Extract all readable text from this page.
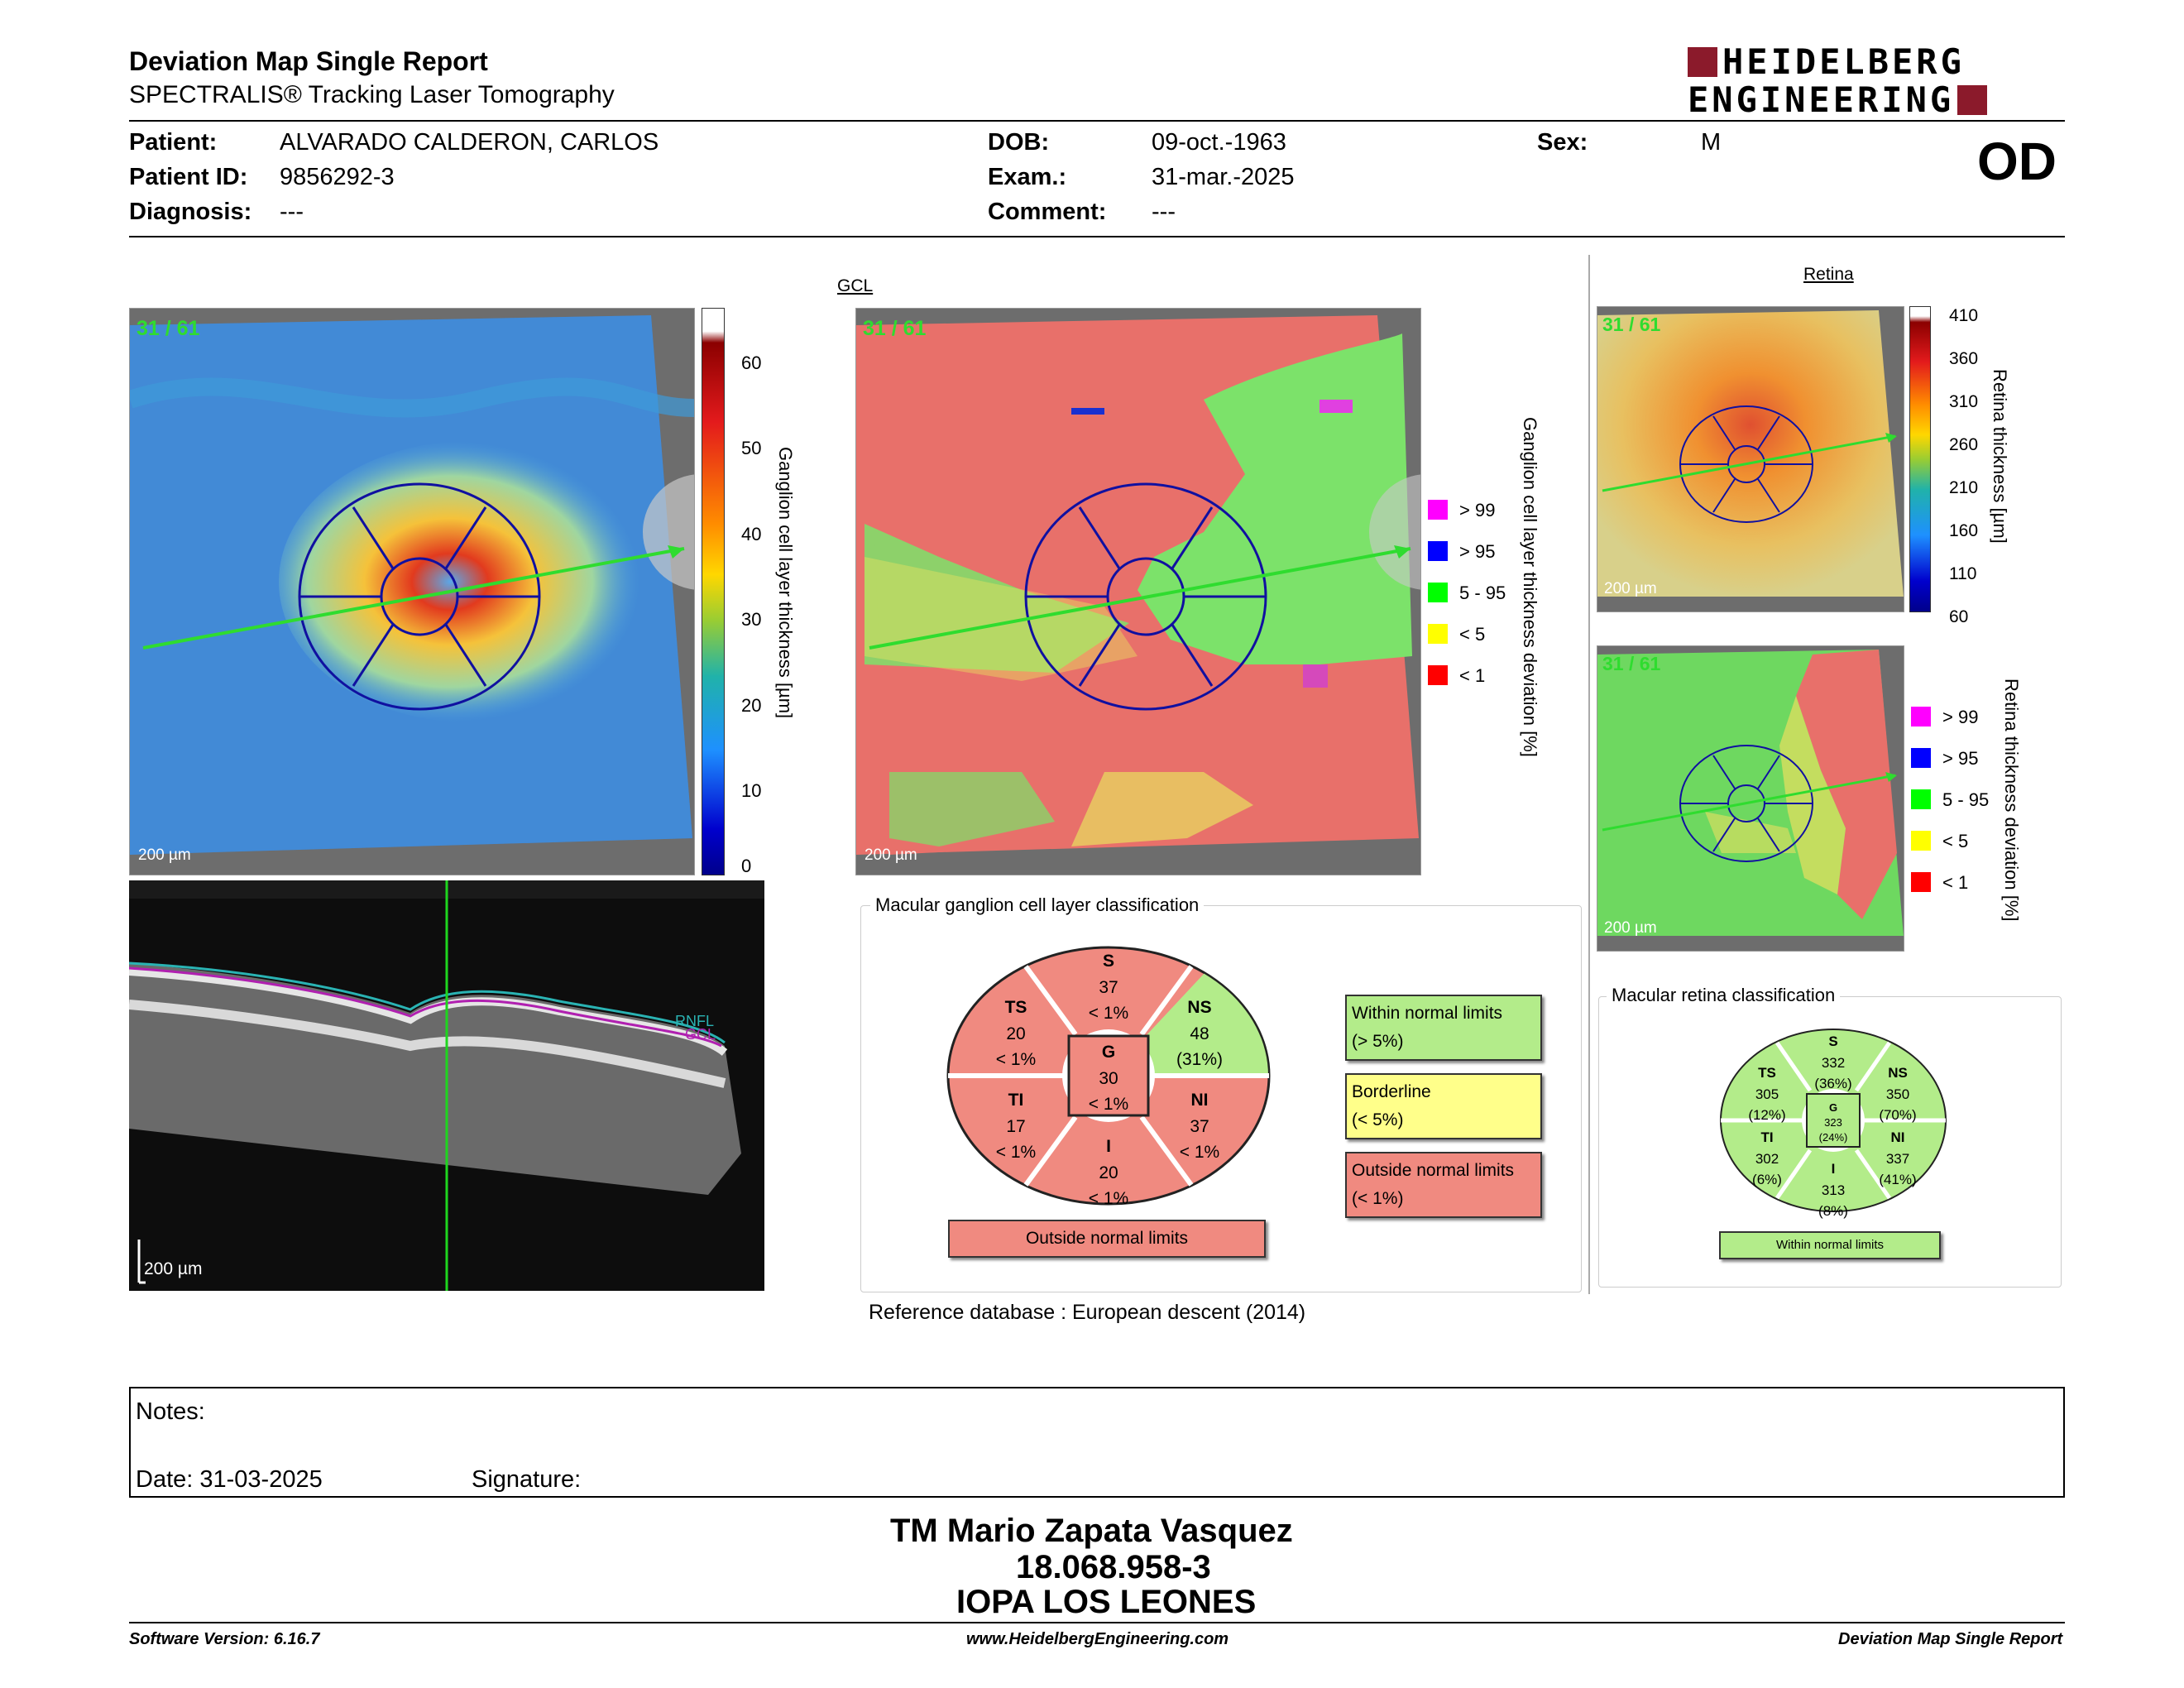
Deviation Map Single Report
SPECTRALIS® Tracking Laser Tomography
HEIDELBERG
ENGINEERING
Patient:	ALVARADO CALDERON, CARLOS
Patient ID: 9856292-3
Diagnosis: ---
DOB:	09-oct.-1963
Exam.:	31-mar.-2025
Comment: ---
Sex:	M	OD
31 / 61
200 µm
60
50
40
30
20
10
0
Ganglion cell layer thickness [µm]
RNFL
GCL
200 µm
GCL
31 / 61
200 µm
> 99
> 95
5 - 95
< 5
< 1 Ganglion cell layer thickness deviation [%]
Macular ganglion cell layer classification
S
37
< 1%
TS
20
< 1%
NS
48
(31%)
TI
17
< 1%
NI
37
< 1%
I
20
< 1%
G
30
< 1%
Outside normal limits
Within normal limits
(> 5%)
Borderline
(< 5%)
Outside normal limits
(< 1%)
Reference database : European descent (2014)
Retina
31 / 61
200 µm
410
360
310
260
210
160
110
60
Retina thickness [µm]
31 / 61
200 µm
> 99
> 95
5 - 95
< 5
< 1 Retina thickness deviation [%]
Macular retina classification
S
332
(36%)
TS
305
(12%)
NS
350
(70%)
TI
302
(6%)
NI
337
(41%)
I
313
(8%)
G
323
(24%)
Within normal limits
Notes:
Date: 31-03-2025	Signature:
TM Mario Zapata Vasquez
18.068.958-3
IOPA LOS LEONES
Software Version: 6.16.7	www.HeidelbergEngineering.com	Deviation Map Single Report
